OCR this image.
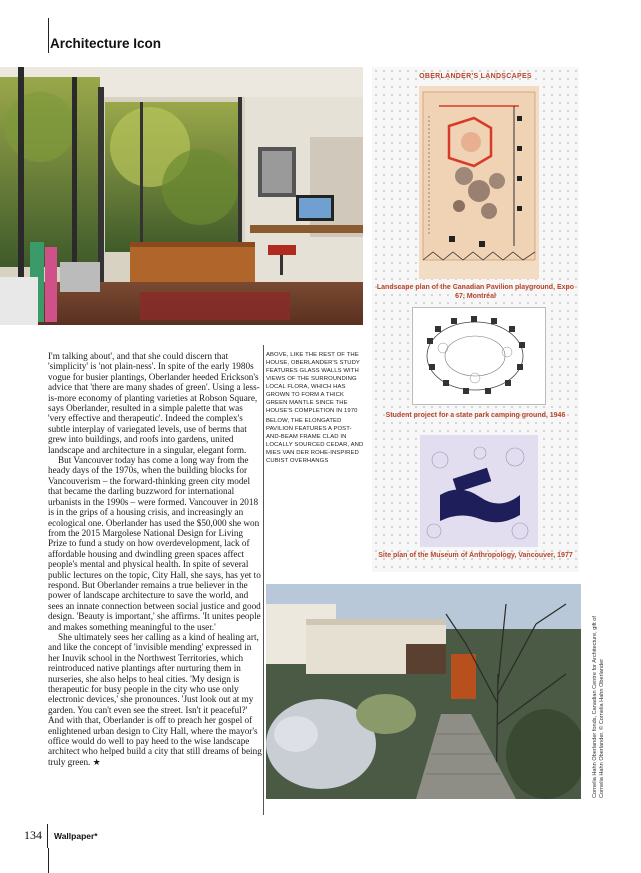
Architecture Icon
OBERLANDER'S LANDSCAPES
Landscape plan of the Canadian Pavilion playground, Expo 67, Montréal
Student project for a state park camping ground, 1946
Site plan of the Museum of Anthropology, Vancouver, 1977

I'm talking about', and that she could discern that 'simplicity' is 'not plain-ness'. In spite of the early 1980s vogue for busier plantings, Oberlander heeded Erickson's advice that 'there are many shades of green'. Using a less-is-more economy of planting varieties at Robson Square, says Oberlander, resulted in a simple palette that was 'very effective and therapeutic'. Indeed the complex's subtle interplay of variegated levels, use of berms that grew into buildings, and roofs into gardens, united landscape and architecture in a singular, elegant form.

But Vancouver today has come a long way from the heady days of the 1970s, when the building blocks for Vancouverism – the forward-thinking green city model that became the darling buzzword for international urbanists in the 1990s – were formed. Vancouver in 2018 is in the grips of a housing crisis, and increasingly an ecological one. Oberlander has used the $50,000 she won from the 2015 Margolese National Design for Living Prize to fund a study on how overdevelopment, lack of affordable housing and dwindling green spaces affect people's mental and physical health. In spite of several public lectures on the topic, City Hall, she says, has yet to respond. But Oberlander remains a true believer in the power of landscape architecture to save the world, and sees an innate connection between social justice and good design. 'Beauty is important,' she affirms. 'It unites people and makes something meaningful to the user.'

She ultimately sees her calling as a kind of healing art, and like the concept of 'invisible mending' expressed in her Inuvik school in the Northwest Territories, which reintroduced native plantings after nurturing them in nurseries, she also helps to heal cities. 'My design is therapeutic for busy people in the city who use only electronic devices,' she pronounces. 'Just look out at my garden. You can't even see the street. Isn't it peaceful?' And with that, Oberlander is off to preach her gospel of enlightened urban design to City Hall, where the mayor's office would do well to pay heed to the wise landscape architect who helped build a city that still dreams of being truly green. ★

ABOVE, LIKE THE REST OF THE HOUSE, OBERLANDER'S STUDY FEATURES GLASS WALLS WITH VIEWS OF THE SURROUNDING LOCAL FLORA, WHICH HAS GROWN TO FORM A THICK GREEN MANTLE SINCE THE HOUSE'S COMPLETION IN 1970

BELOW, THE ELONGATED PAVILION FEATURES A POST-AND-BEAM FRAME CLAD IN LOCALLY SOURCED CEDAR, AND MIES VAN DER ROHE-INSPIRED CUBIST OVERHANGS

Cornelia Hahn Oberlander fonds, Canadian Centre for Architecture, gift of Cornelia Hahn Oberlander. © Cornelia Hahn Oberlander
134 Wallpaper*
